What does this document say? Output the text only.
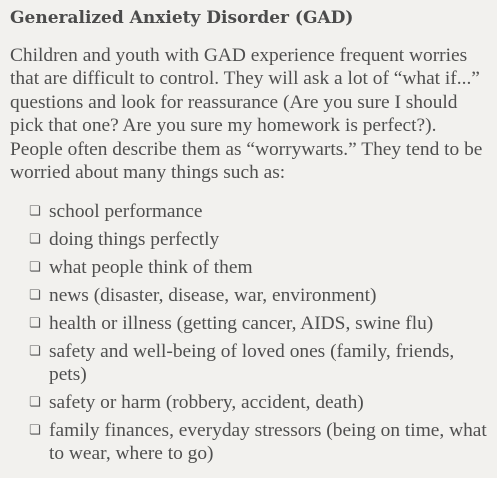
Generalized Anxiety Disorder (GAD)

Children and youth with GAD experience frequent worries that are difficult to control. They will ask a lot of “what if...” questions and look for reassurance (Are you sure I should pick that one? Are you sure my homework is perfect?). People often describe them as “worrywarts.” They tend to be worried about many things such as:

❏ school performance
❏ doing things perfectly
❏ what people think of them
❏ news (disaster, disease, war, environment)
❏ health or illness (getting cancer, AIDS, swine flu)
❏ safety and well-being of loved ones (family, friends, pets)
❏ safety or harm (robbery, accident, death)
❏ family finances, everyday stressors (being on time, what to wear, where to go)
